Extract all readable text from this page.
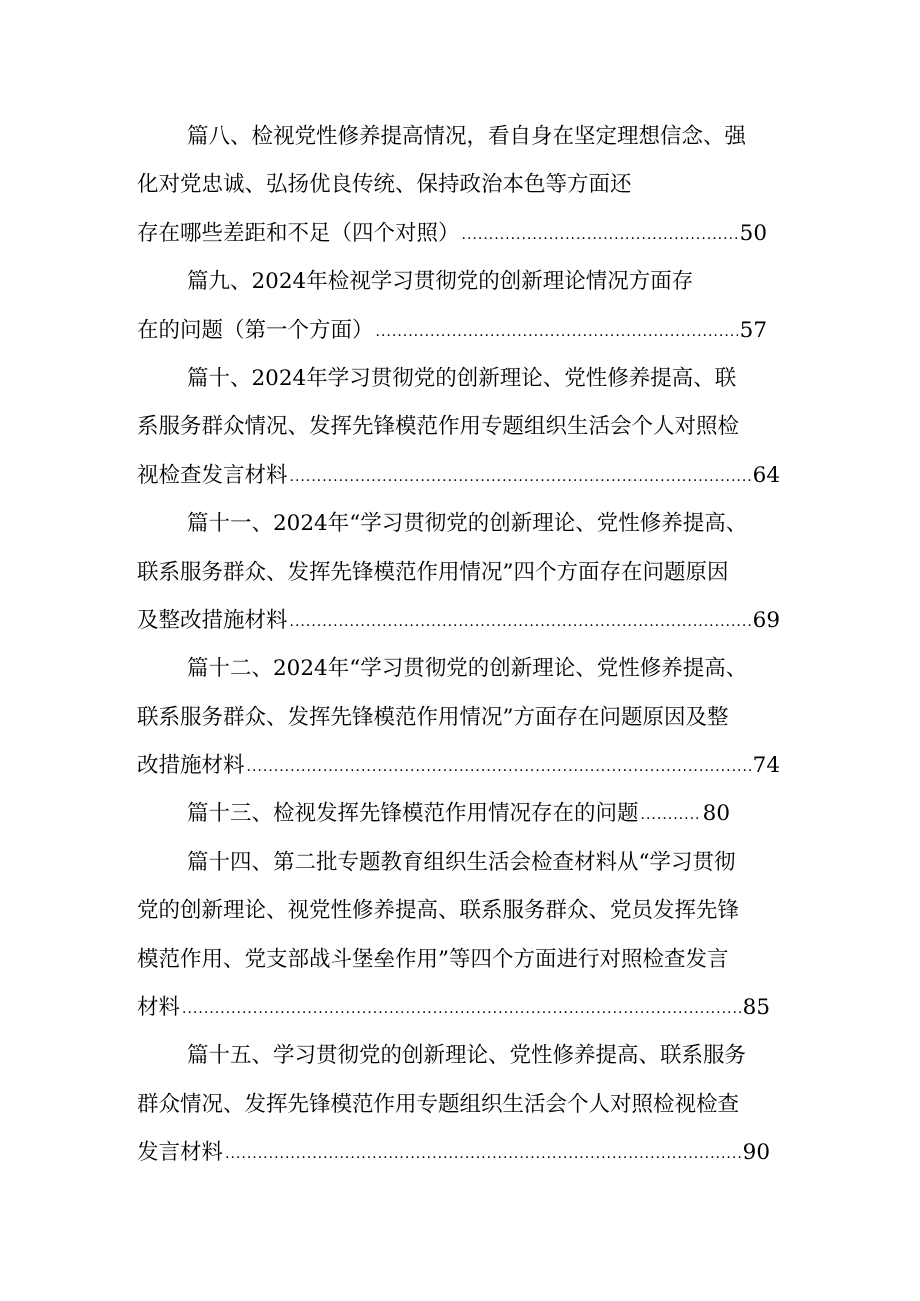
篇八、检视党性修养提高情况，看自身在坚定理想信念、强
化对党忠诚、弘扬优良传统、保持政治本色等方面还
存在哪些差距和不足（四个对照） .....	50
篇九、2024年检视学习贯彻党的创新理论情况方面存
在的问题（第一个方面） .....	57
篇十、2024年学习贯彻党的创新理论、党性修养提高、联
系服务群众情况、发挥先锋模范作用专题组织生活会个人对照检
视检查发言材料 .....	64
篇十一、2024年“学习贯彻党的创新理论、党性修养提高、
联系服务群众、发挥先锋模范作用情况”四个方面存在问题原因
及整改措施材料 .....	69
篇十二、2024年“学习贯彻党的创新理论、党性修养提高、
联系服务群众、发挥先锋模范作用情况”方面存在问题原因及整
改措施材料 .....	74
篇十三、检视发挥先锋模范作用情况存在的问题 .....	80
篇十四、第二批专题教育组织生活会检查材料从“学习贯彻
党的创新理论、视党性修养提高、联系服务群众、党员发挥先锋
模范作用、党支部战斗堡垒作用”等四个方面进行对照检查发言
材料 .....	85
篇十五、学习贯彻党的创新理论、党性修养提高、联系服务
群众情况、发挥先锋模范作用专题组织生活会个人对照检视检查
发言材料 .....	90
